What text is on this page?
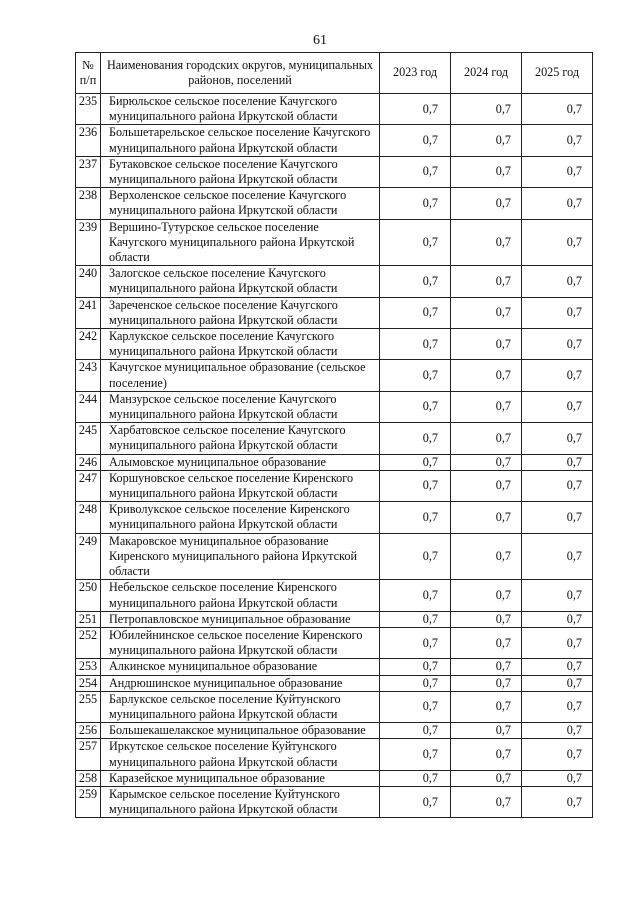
61
№ п/п	Наименования городских округов, муниципальных районов, поселений	2023 год	2024 год	2025 год
235	Бирюльское сельское поселение Качугского муниципального района Иркутской области	0,7	0,7	0,7
236	Большетарельское сельское поселение Качугского муниципального района Иркутской области	0,7	0,7	0,7
237	Бутаковское сельское поселение Качугского муниципального района Иркутской области	0,7	0,7	0,7
238	Верхоленское сельское поселение Качугского муниципального района Иркутской области	0,7	0,7	0,7
239	Вершино-Тутурское сельское поселение Качугского муниципального района Иркутской области	0,7	0,7	0,7
240	Залогское сельское поселение Качугского муниципального района Иркутской области	0,7	0,7	0,7
241	Зареченское сельское поселение Качугского муниципального района Иркутской области	0,7	0,7	0,7
242	Карлукское сельское поселение Качугского муниципального района Иркутской области	0,7	0,7	0,7
243	Качугское муниципальное образование (сельское поселение)	0,7	0,7	0,7
244	Манзурское сельское поселение Качугского муниципального района Иркутской области	0,7	0,7	0,7
245	Харбатовское сельское поселение Качугского муниципального района Иркутской области	0,7	0,7	0,7
246	Алымовское муниципальное образование	0,7	0,7	0,7
247	Коршуновское сельское поселение Киренского муниципального района Иркутской области	0,7	0,7	0,7
248	Криволукское сельское поселение Киренского муниципального района Иркутской области	0,7	0,7	0,7
249	Макаровское муниципальное образование Киренского муниципального района Иркутской области	0,7	0,7	0,7
250	Небельское сельское поселение Киренского муниципального района Иркутской области	0,7	0,7	0,7
251	Петропавловское муниципальное образование	0,7	0,7	0,7
252	Юбилейнинское сельское поселение Киренского муниципального района Иркутской области	0,7	0,7	0,7
253	Алкинское муниципальное образование	0,7	0,7	0,7
254	Андрюшинское муниципальное образование	0,7	0,7	0,7
255	Барлукское сельское поселение Куйтунского муниципального района Иркутской области	0,7	0,7	0,7
256	Большекашелакское муниципальное образование	0,7	0,7	0,7
257	Иркутское сельское поселение Куйтунского муниципального района Иркутской области	0,7	0,7	0,7
258	Каразейское муниципальное образование	0,7	0,7	0,7
259	Карымское сельское поселение Куйтунского муниципального района Иркутской области	0,7	0,7	0,7
